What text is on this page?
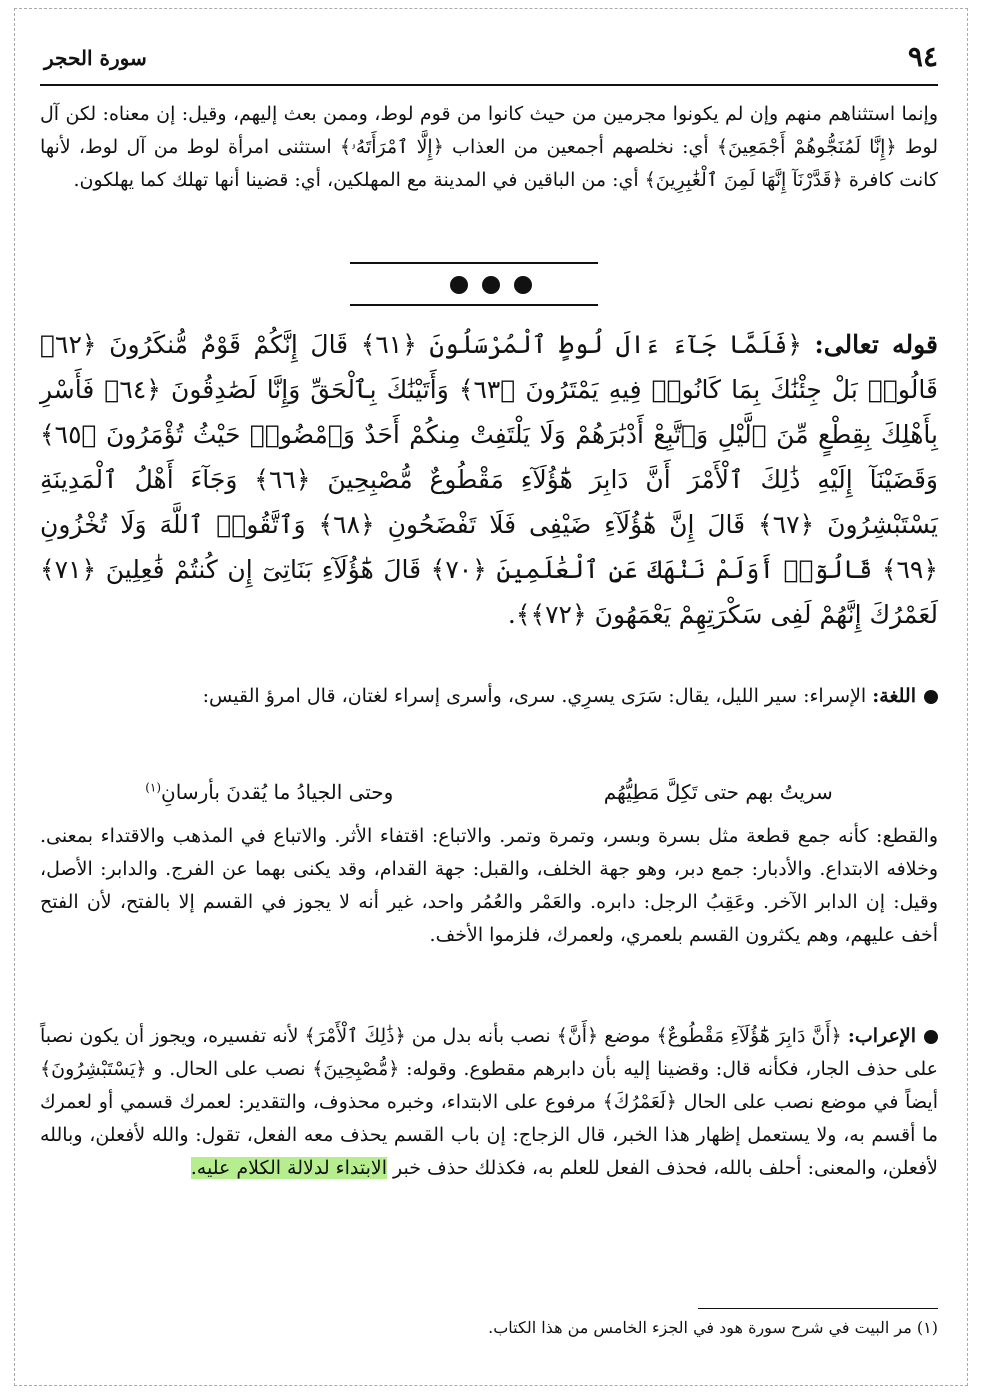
٩٤
سورة الحجر

وإنما استثناهم منهم وإن لم يكونوا مجرمين من حيث كانوا من قوم لوط، وممن بعث إليهم، وقيل: إن معناه: لكن آل لوط ﴿إِنَّا لَمُنَجُّوهُمْ أَجْمَعِينَ﴾ أي: نخلصهم أجمعين من العذاب ﴿إِلَّا ٱمْرَأَتَهُۥ﴾ استثنى امرأة لوط من آل لوط، لأنها كانت كافرة ﴿قَدَّرْنَآ إِنَّهَا لَمِنَ ٱلْغَٰبِرِينَ﴾ أي: من الباقين في المدينة مع المهلكين، أي: قضينا أنها تهلك كما يهلكون.

قوله تعالى: ﴿فَلَمَّا جَآءَ ءَالَ لُوطٍ ٱلْمُرْسَلُونَ ﴿٦١﴾ قَالَ إِنَّكُمْ قَوْمٌ مُّنكَرُونَ ﴿٦٢﴾ قَالُوا۟ بَلْ جِئْنَٰكَ بِمَا كَانُوا۟ فِيهِ يَمْتَرُونَ ﴿٦٣﴾ وَأَتَيْنَٰكَ بِٱلْحَقِّ وَإِنَّا لَصَٰدِقُونَ ﴿٦٤﴾ فَأَسْرِ بِأَهْلِكَ بِقِطْعٍ مِّنَ ٱلَّيْلِ وَٱتَّبِعْ أَدْبَٰرَهُمْ وَلَا يَلْتَفِتْ مِنكُمْ أَحَدٌ وَٱمْضُوا۟ حَيْثُ تُؤْمَرُونَ ﴿٦٥﴾ وَقَضَيْنَآ إِلَيْهِ ذَٰلِكَ ٱلْأَمْرَ أَنَّ دَابِرَ هَٰٓؤُلَآءِ مَقْطُوعٌ مُّصْبِحِينَ ﴿٦٦﴾ وَجَآءَ أَهْلُ ٱلْمَدِينَةِ يَسْتَبْشِرُونَ ﴿٦٧﴾ قَالَ إِنَّ هَٰٓؤُلَآءِ ضَيْفِى فَلَا تَفْضَحُونِ ﴿٦٨﴾ وَٱتَّقُوا۟ ٱللَّهَ وَلَا تُخْزُونِ ﴿٦٩﴾ قَالُوٓا۟ أَوَلَمْ نَنْهَكَ عَنِ ٱلْعَٰلَمِينَ ﴿٧٠﴾ قَالَ هَٰٓؤُلَآءِ بَنَاتِىٓ إِن كُنتُمْ فَٰعِلِينَ ﴿٧١﴾ لَعَمْرُكَ إِنَّهُمْ لَفِى سَكْرَتِهِمْ يَعْمَهُونَ ﴿٧٢﴾﴾.

اللغة: الإسراء: سير الليل، يقال: سَرَى يسرِي. سرى، وأسرى إسراء لغتان، قال امرؤ القيس:

سريتُ بهم حتى تَكِلَّ مَطِيُّهُم
وحتى الجيادُ ما يُقدنَ بأرسانِ$^{(١)}$

والقطع: كأنه جمع قطعة مثل بسرة وبسر، وتمرة وتمر. والاتباع: اقتفاء الأثر. والاتباع في المذهب والاقتداء بمعنى. وخلافه الابتداع. والأدبار: جمع دبر، وهو جهة الخلف، والقبل: جهة القدام، وقد يكنى بهما عن الفرج. والدابر: الأصل، وقيل: إن الدابر الآخر. وعَقِبُ الرجل: دابره. والعَمْر والعُمُر واحد، غير أنه لا يجوز في القسم إلا بالفتح، لأن الفتح أخف عليهم، وهم يكثرون القسم بلعمري، ولعمرك، فلزموا الأخف.

الإعراب: ﴿أَنَّ دَابِرَ هَٰٓؤُلَآءِ مَقْطُوعٌ﴾ موضع ﴿أَنَّ﴾ نصب بأنه بدل من ﴿ذَٰلِكَ ٱلْأَمْرَ﴾ لأنه تفسيره، ويجوز أن يكون نصباً على حذف الجار، فكأنه قال: وقضينا إليه بأن دابرهم مقطوع. وقوله: ﴿مُّصْبِحِينَ﴾ نصب على الحال. و ﴿يَسْتَبْشِرُونَ﴾ أيضاً في موضع نصب على الحال ﴿لَعَمْرُكَ﴾ مرفوع على الابتداء، وخبره محذوف، والتقدير: لعمرك قسمي أو لعمرك ما أقسم به، ولا يستعمل إظهار هذا الخبر، قال الزجاج: إن باب القسم يحذف معه الفعل، تقول: والله لأفعلن، وبالله لأفعلن، والمعنى: أحلف بالله، فحذف الفعل للعلم به، فكذلك حذف خبر الابتداء لدلالة الكلام عليه.

(١) مر البيت في شرح سورة هود في الجزء الخامس من هذا الكتاب.
